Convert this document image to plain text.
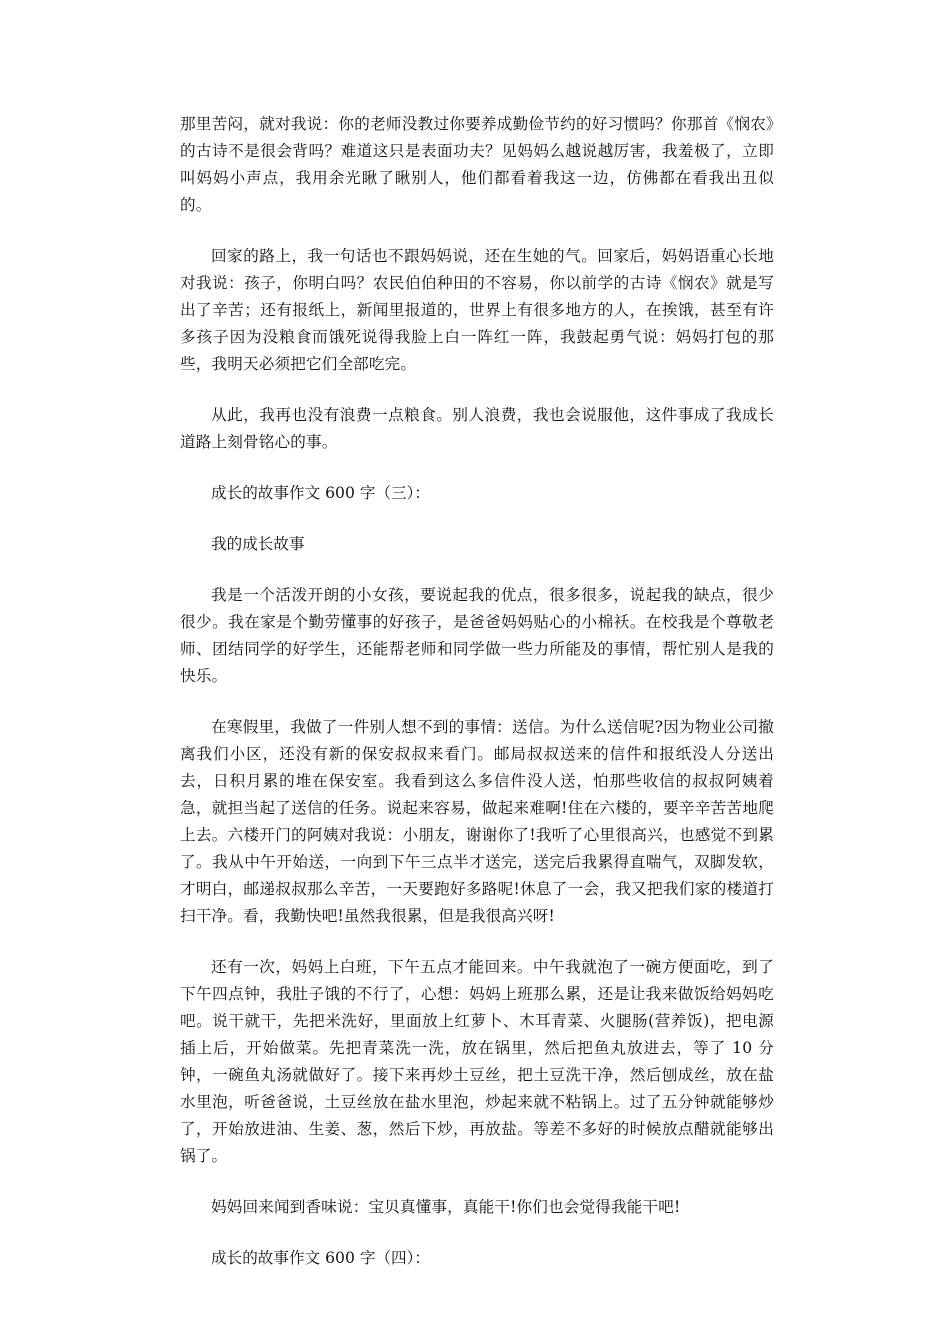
那里苦闷，就对我说：你的老师没教过你要养成勤俭节约的好习惯吗？你那首《悯农》的古诗不是很会背吗？难道这只是表面功夫？见妈妈么越说越厉害，我羞极了，立即叫妈妈小声点，我用余光瞅了瞅别人，他们都看着我这一边，仿佛都在看我出丑似的。

回家的路上，我一句话也不跟妈妈说，还在生她的气。回家后，妈妈语重心长地对我说：孩子，你明白吗？农民伯伯种田的不容易，你以前学的古诗《悯农》就是写出了辛苦；还有报纸上，新闻里报道的，世界上有很多地方的人，在挨饿，甚至有许多孩子因为没粮食而饿死说得我脸上白一阵红一阵，我鼓起勇气说：妈妈打包的那些，我明天必须把它们全部吃完。

从此，我再也没有浪费一点粮食。别人浪费，我也会说服他，这件事成了我成长道路上刻骨铭心的事。

成长的故事作文 600 字（三）：

我的成长故事

我是一个活泼开朗的小女孩，要说起我的优点，很多很多，说起我的缺点，很少很少。我在家是个勤劳懂事的好孩子，是爸爸妈妈贴心的小棉袄。在校我是个尊敬老师、团结同学的好学生，还能帮老师和同学做一些力所能及的事情，帮忙别人是我的快乐。

在寒假里，我做了一件别人想不到的事情：送信。为什么送信呢?因为物业公司撤离我们小区，还没有新的保安叔叔来看门。邮局叔叔送来的信件和报纸没人分送出去，日积月累的堆在保安室。我看到这么多信件没人送，怕那些收信的叔叔阿姨着急，就担当起了送信的任务。说起来容易，做起来难啊!住在六楼的，要辛辛苦苦地爬上去。六楼开门的阿姨对我说：小朋友，谢谢你了!我听了心里很高兴，也感觉不到累了。我从中午开始送，一向到下午三点半才送完，送完后我累得直喘气，双脚发软，才明白，邮递叔叔那么辛苦，一天要跑好多路呢!休息了一会，我又把我们家的楼道打扫干净。看，我勤快吧!虽然我很累，但是我很高兴呀!

还有一次，妈妈上白班，下午五点才能回来。中午我就泡了一碗方便面吃，到了下午四点钟，我肚子饿的不行了，心想：妈妈上班那么累，还是让我来做饭给妈妈吃吧。说干就干，先把米洗好，里面放上红萝卜、木耳青菜、火腿肠(营养饭)，把电源插上后，开始做菜。先把青菜洗一洗，放在锅里，然后把鱼丸放进去，等了 10 分钟，一碗鱼丸汤就做好了。接下来再炒土豆丝，把土豆洗干净，然后刨成丝，放在盐水里泡，听爸爸说，土豆丝放在盐水里泡，炒起来就不粘锅上。过了五分钟就能够炒了，开始放进油、生姜、葱，然后下炒，再放盐。等差不多好的时候放点醋就能够出锅了。

妈妈回来闻到香味说：宝贝真懂事，真能干!你们也会觉得我能干吧!

成长的故事作文 600 字（四）：
